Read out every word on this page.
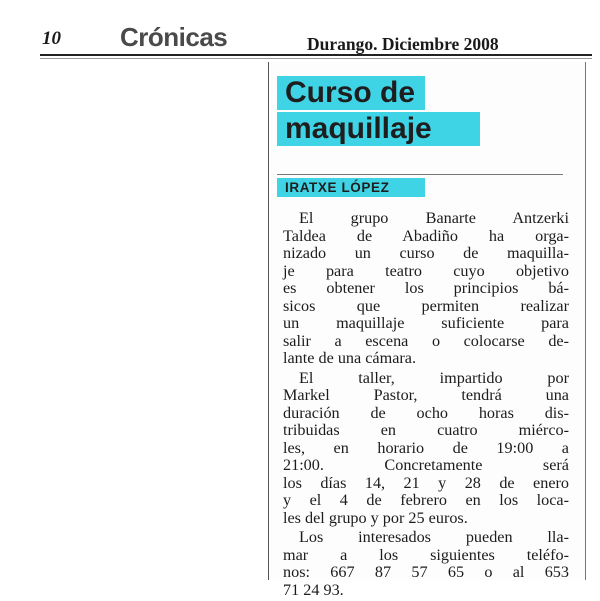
10 Crónicas	Durango. Diciembre 2008
Curso de
maquillaje
IRATXE LÓPEZ
El grupo Banarte Antzerki
Taldea de Abadiño ha orga-
nizado un curso de maquilla-
je para teatro cuyo objetivo
es obtener los principios bá-
sicos que permiten realizar
un maquillaje suficiente para
salir a escena o colocarse de-
lante de una cámara.
El taller, impartido por
Markel Pastor, tendrá una
duración de ocho horas dis-
tribuidas en cuatro miérco-
les, en horario de 19:00 a
21:00. Concretamente será
los días 14, 21 y 28 de enero
y el 4 de febrero en los loca-
les del grupo y por 25 euros.
Los interesados pueden lla-
mar a los siguientes teléfo-
nos: 667 87 57 65 o al 653
71 24 93.
